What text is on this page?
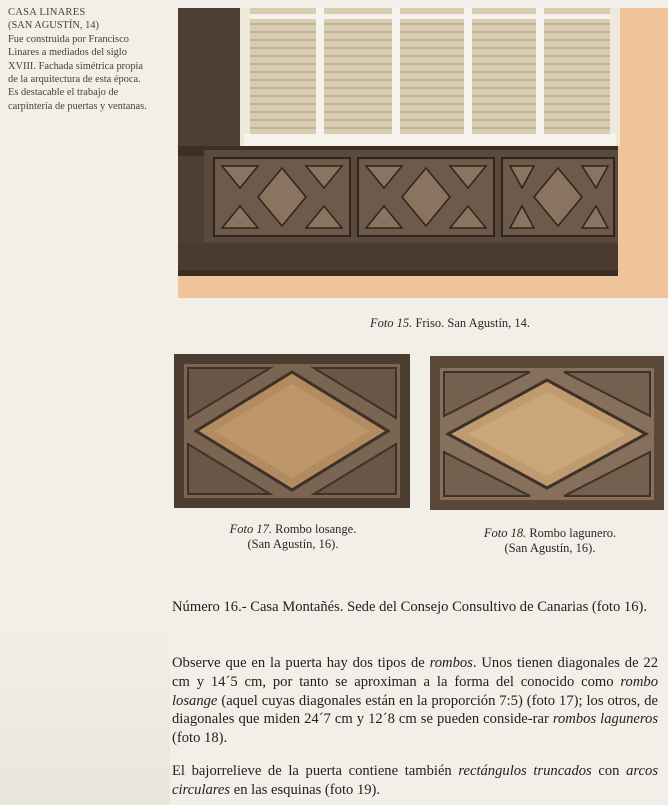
CASA LINARES
(SAN AGUSTÍN, 14)
Fue construida por Francisco
Linares a mediados del siglo
XVIII. Fachada simétrica propia
de la arquitectura de esta época.
Es destacable el trabajo de
carpintería de puertas y ventanas.
Foto 15. Friso. San Agustín, 14.
Foto 17. Rombo losange.
(San Agustín, 16).
Foto 18. Rombo lagunero.
(San Agustín, 16).
Número 16.- Casa Montañés. Sede del Consejo Consultivo de Canarias (foto 16).
Observe que en la puerta hay dos tipos de rombos. Unos tienen diagonales de 22 cm y 14´5 cm, por tanto se aproximan a la forma del conocido como rombo losange (aquel cuyas diagonales están en la proporción 7:5) (foto 17); los otros, de diagonales que miden 24´7 cm y 12´8 cm se pueden conside-rar rombos laguneros (foto 18).
El bajorrelieve de la puerta contiene también rectángulos truncados con arcos circulares en las esquinas (foto 19).
